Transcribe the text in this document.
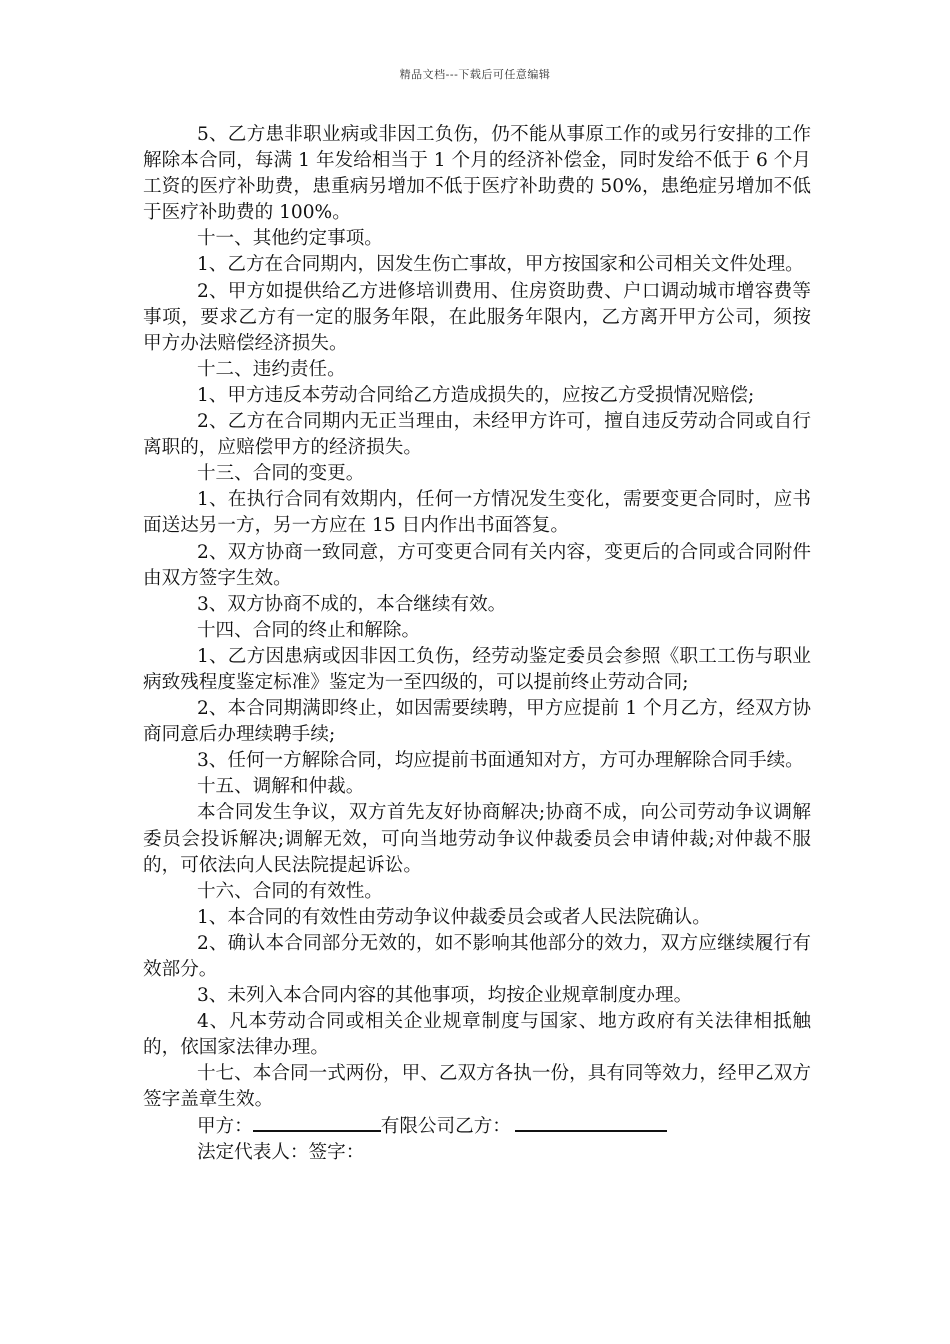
精品文档---下载后可任意编辑

5、乙方患非职业病或非因工负伤，仍不能从事原工作的或另行安排的工作解除本合同，每满 1 年发给相当于 1 个月的经济补偿金，同时发给不低于 6 个月工资的医疗补助费，患重病另增加不低于医疗补助费的 50%，患绝症另增加不低于医疗补助费的 100%。

十一、其他约定事项。

1、乙方在合同期内，因发生伤亡事故，甲方按国家和公司相关文件处理。

2、甲方如提供给乙方进修培训费用、住房资助费、户口调动城市增容费等事项，要求乙方有一定的服务年限，在此服务年限内，乙方离开甲方公司，须按甲方办法赔偿经济损失。

十二、违约责任。

1、甲方违反本劳动合同给乙方造成损失的，应按乙方受损情况赔偿;

2、乙方在合同期内无正当理由，未经甲方许可，擅自违反劳动合同或自行离职的，应赔偿甲方的经济损失。

十三、合同的变更。

1、在执行合同有效期内，任何一方情况发生变化，需要变更合同时，应书面送达另一方，另一方应在 15 日内作出书面答复。

2、双方协商一致同意，方可变更合同有关内容，变更后的合同或合同附件由双方签字生效。

3、双方协商不成的，本合继续有效。

十四、合同的终止和解除。

1、乙方因患病或因非因工负伤，经劳动鉴定委员会参照《职工工伤与职业病致残程度鉴定标准》鉴定为一至四级的，可以提前终止劳动合同;

2、本合同期满即终止，如因需要续聘，甲方应提前 1 个月乙方，经双方协商同意后办理续聘手续;

3、任何一方解除合同，均应提前书面通知对方，方可办理解除合同手续。

十五、调解和仲裁。

本合同发生争议，双方首先友好协商解决;协商不成，向公司劳动争议调解委员会投诉解决;调解无效，可向当地劳动争议仲裁委员会申请仲裁;对仲裁不服的，可依法向人民法院提起诉讼。

十六、合同的有效性。

1、本合同的有效性由劳动争议仲裁委员会或者人民法院确认。

2、确认本合同部分无效的，如不影响其他部分的效力，双方应继续履行有效部分。

3、未列入本合同内容的其他事项，均按企业规章制度办理。

4、凡本劳动合同或相关企业规章制度与国家、地方政府有关法律相抵触的，依国家法律办理。

十七、本合同一式两份，甲、乙双方各执一份，具有同等效力，经甲乙双方签字盖章生效。

甲方：	有限公司乙方：

法定代表人：签字：
